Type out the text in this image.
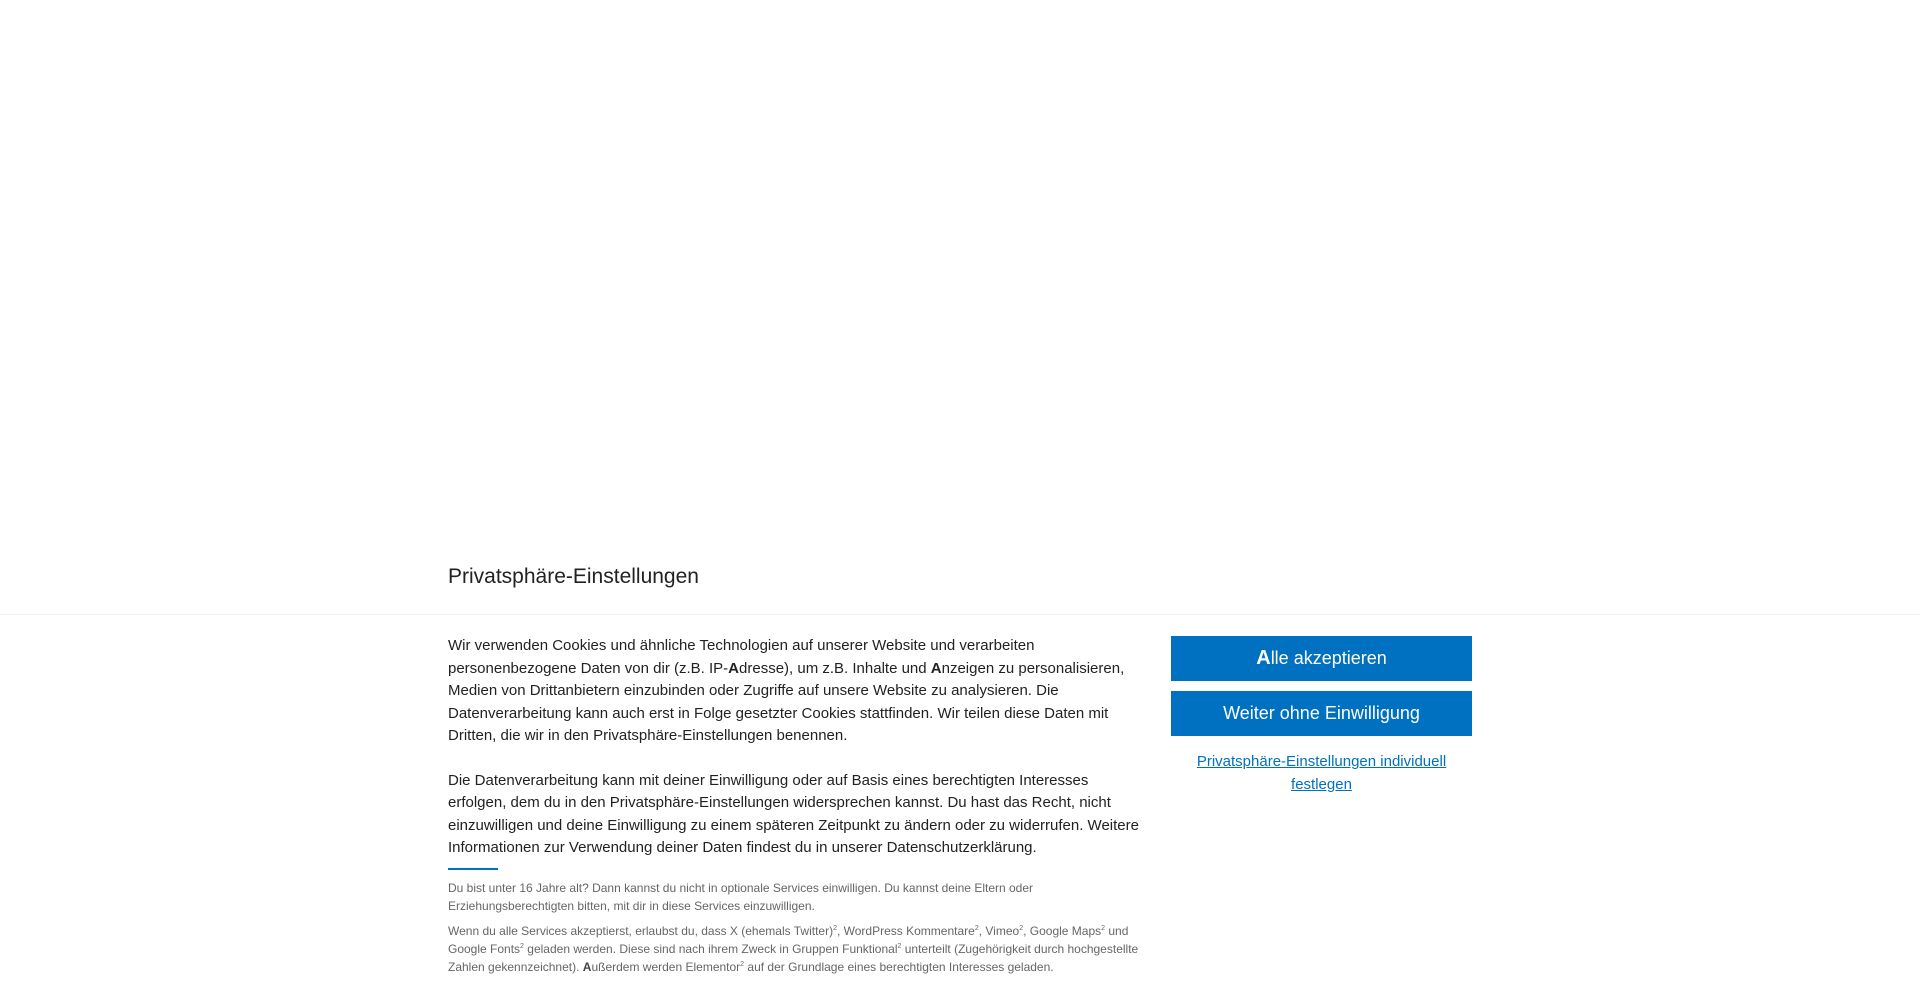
Privatsphäre-Einstellungen

Wir verwenden Cookies und ähnliche Technologien auf unserer Website und verarbeiten personenbezogene Daten von dir (z.B. IP-Adresse), um z.B. Inhalte und Anzeigen zu personalisieren, Medien von Drittanbietern einzubinden oder Zugriffe auf unsere Website zu analysieren. Die Datenverarbeitung kann auch erst in Folge gesetzter Cookies stattfinden. Wir teilen diese Daten mit Dritten, die wir in den Privatsphäre-Einstellungen benennen.

Die Datenverarbeitung kann mit deiner Einwilligung oder auf Basis eines berechtigten Interesses erfolgen, dem du in den Privatsphäre-Einstellungen widersprechen kannst. Du hast das Recht, nicht einzuwilligen und deine Einwilligung zu einem späteren Zeitpunkt zu ändern oder zu widerrufen. Weitere Informationen zur Verwendung deiner Daten findest du in unserer Datenschutzerklärung.

Du bist unter 16 Jahre alt? Dann kannst du nicht in optionale Services einwilligen. Du kannst deine Eltern oder Erziehungsberechtigten bitten, mit dir in diese Services einzuwilligen.

Wenn du alle Services akzeptierst, erlaubst du, dass X (ehemals Twitter)$^2$, WordPress Kommentare$^2$, Vimeo$^2$, Google Maps$^2$ und Google Fonts$^2$ geladen werden. Diese sind nach ihrem Zweck in Gruppen Funktional$^2$ unterteilt (Zugehörigkeit durch hochgestellte Zahlen gekennzeichnet). Außerdem werden Elementor$^2$ auf der Grundlage eines berechtigten Interesses geladen.

Alle akzeptieren
Weiter ohne Einwilligung
Privatsphäre-Einstellungen individuell festlegen
